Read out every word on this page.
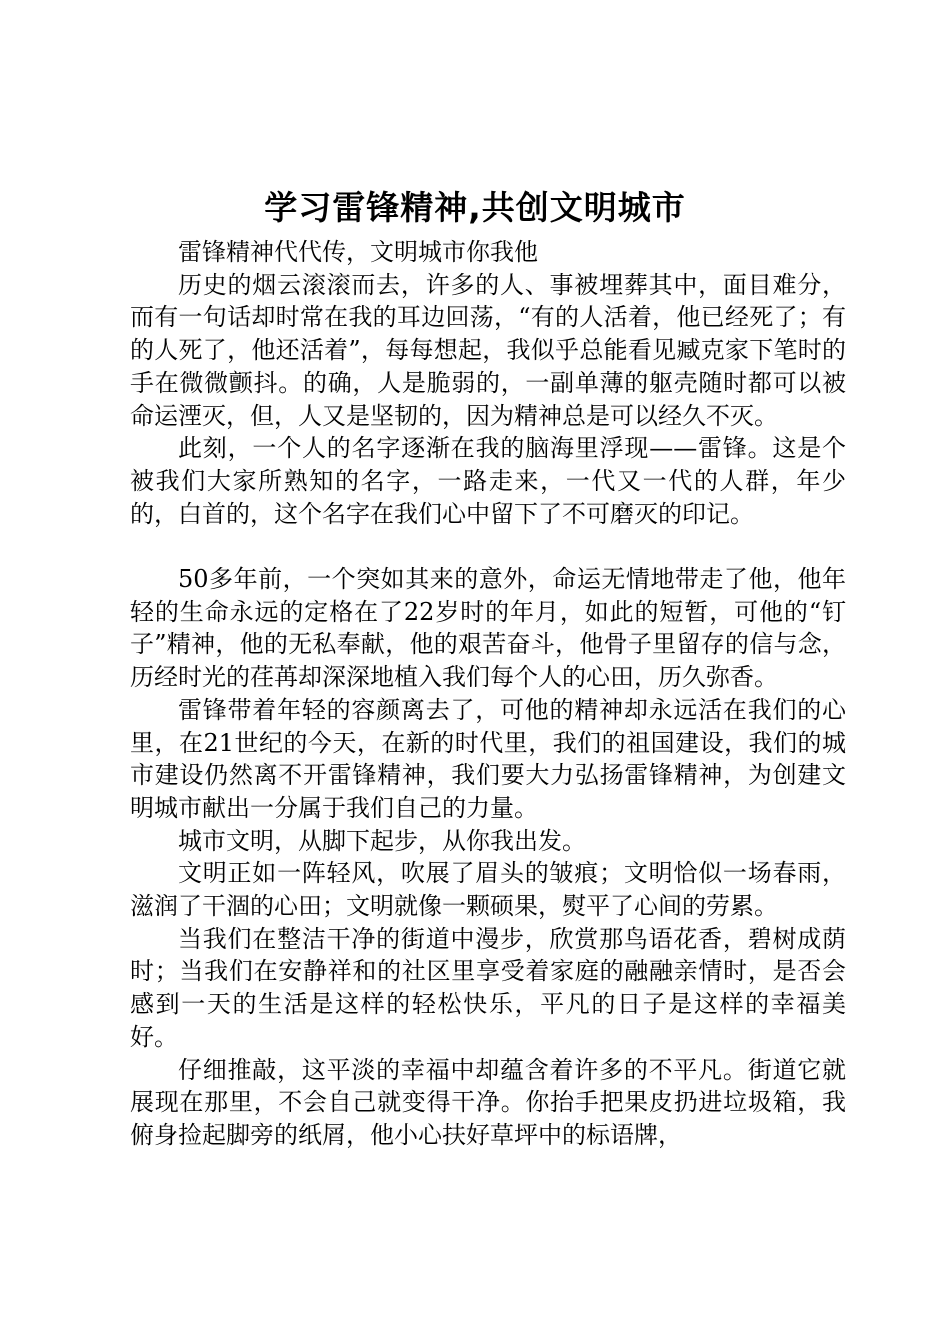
学习雷锋精神,共创文明城市

雷锋精神代代传，文明城市你我他

历史的烟云滚滚而去，许多的人、事被埋葬其中，面目难分，而有一句话却时常在我的耳边回荡，“有的人活着，他已经死了；有的人死了，他还活着”，每每想起，我似乎总能看见臧克家下笔时的手在微微颤抖。的确，人是脆弱的，一副单薄的躯壳随时都可以被命运湮灭，但，人又是坚韧的，因为精神总是可以经久不灭。

此刻，一个人的名字逐渐在我的脑海里浮现——雷锋。这是个被我们大家所熟知的名字，一路走来，一代又一代的人群，年少的，白首的，这个名字在我们心中留下了不可磨灭的印记。

50多年前，一个突如其来的意外，命运无情地带走了他，他年轻的生命永远的定格在了22岁时的年月，如此的短暂，可他的“钉子”精神，他的无私奉献，他的艰苦奋斗，他骨子里留存的信与念，历经时光的荏苒却深深地植入我们每个人的心田，历久弥香。

雷锋带着年轻的容颜离去了，可他的精神却永远活在我们的心里，在21世纪的今天，在新的时代里，我们的祖国建设，我们的城市建设仍然离不开雷锋精神，我们要大力弘扬雷锋精神，为创建文明城市献出一分属于我们自己的力量。

城市文明，从脚下起步，从你我出发。

文明正如一阵轻风，吹展了眉头的皱痕；文明恰似一场春雨，滋润了干涸的心田；文明就像一颗硕果，熨平了心间的劳累。

当我们在整洁干净的街道中漫步，欣赏那鸟语花香，碧树成荫时；当我们在安静祥和的社区里享受着家庭的融融亲情时，是否会感到一天的生活是这样的轻松快乐，平凡的日子是这样的幸福美好。

仔细推敲，这平淡的幸福中却蕴含着许多的不平凡。街道它就展现在那里，不会自己就变得干净。你抬手把果皮扔进垃圾箱，我俯身捡起脚旁的纸屑，他小心扶好草坪中的标语牌，
